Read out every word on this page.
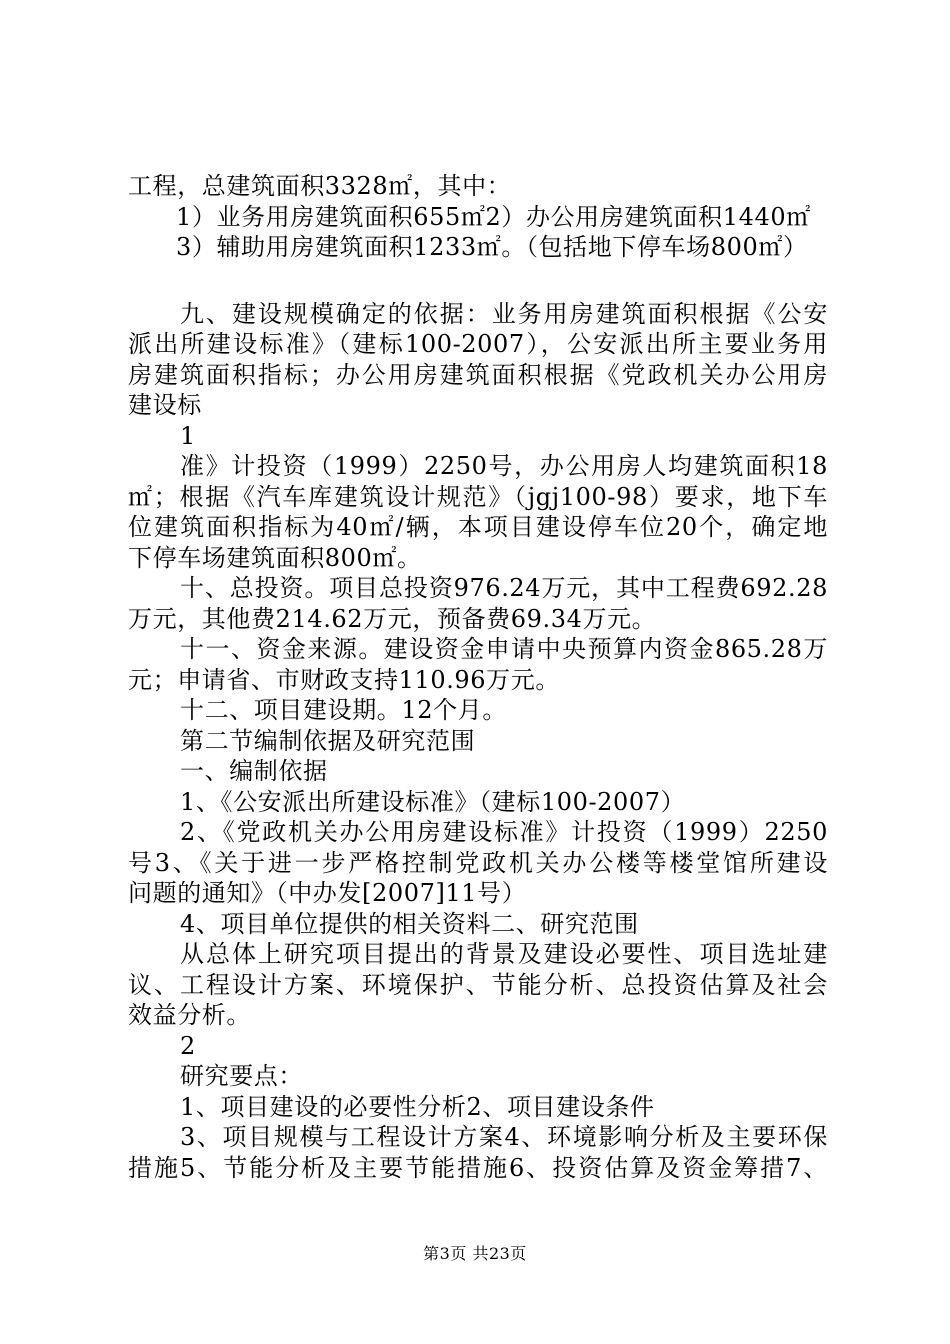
工程，总建筑面积3328㎡，其中：
1）业务用房建筑面积655㎡2）办公用房建筑面积1440㎡
3）辅助用房建筑面积1233㎡。（包括地下停车场800㎡）
九、建设规模确定的依据：业务用房建筑面积根据《公安
派出所建设标准》（建标100-2007），公安派出所主要业务用
房建筑面积指标；办公用房建筑面积根据《党政机关办公用房
建设标
1
准》计投资（1999）2250号，办公用房人均建筑面积18
㎡；根据《汽车库建筑设计规范》（jgj100-98）要求，地下车
位建筑面积指标为40㎡/辆，本项目建设停车位20个，确定地
下停车场建筑面积800㎡。
十、总投资。项目总投资976.24万元，其中工程费692.28
万元，其他费214.62万元，预备费69.34万元。
十一、资金来源。建设资金申请中央预算内资金865.28万
元；申请省、市财政支持110.96万元。
十二、项目建设期。12个月。
第二节编制依据及研究范围
一、编制依据
1、《公安派出所建设标准》（建标100-2007）
2、《党政机关办公用房建设标准》计投资（1999）2250
号3、《关于进一步严格控制党政机关办公楼等楼堂馆所建设
问题的通知》（中办发[2007]11号）
4、项目单位提供的相关资料二、研究范围
从总体上研究项目提出的背景及建设必要性、项目选址建
议、工程设计方案、环境保护、节能分析、总投资估算及社会
效益分析。
2
研究要点：
1、项目建设的必要性分析2、项目建设条件
3、项目规模与工程设计方案4、环境影响分析及主要环保
措施5、节能分析及主要节能措施6、投资估算及资金筹措7、
第3页 共23页
